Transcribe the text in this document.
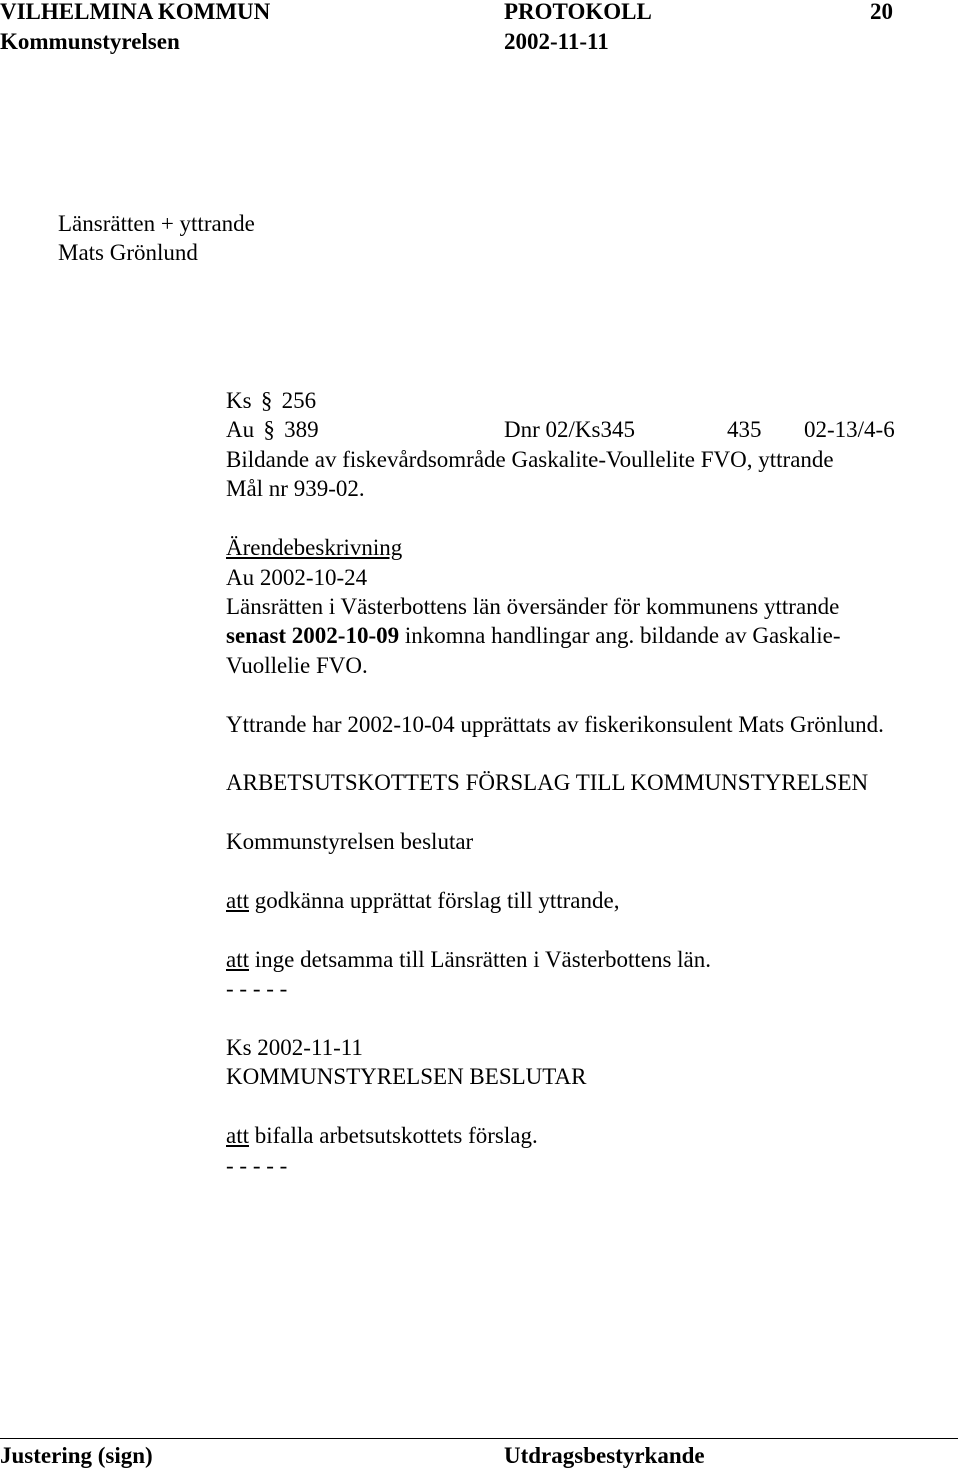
VILHELMINA KOMMUN	PROTOKOLL	20
Kommunstyrelsen	2002-11-11
Länsrätten + yttrande
Mats Grönlund
Ks § 256
Au § 389	Dnr 02/Ks345	435 02-13/4-6
Bildande av fiskevårdsområde Gaskalite-Voullelite FVO, yttrande
Mål nr 939-02.
Ärendebeskrivning
Au 2002-10-24
Länsrätten i Västerbottens län översänder för kommunens yttrande
senast 2002-10-09 inkomna handlingar ang. bildande av Gaskalie-
Vuollelie FVO.
Yttrande har 2002-10-04 upprättats av fiskerikonsulent Mats Grönlund.
ARBETSUTSKOTTETS FÖRSLAG TILL KOMMUNSTYRELSEN
Kommunstyrelsen beslutar
att godkänna upprättat förslag till yttrande,
att inge detsamma till Länsrätten i Västerbottens län.
- - - - -
Ks 2002-11-11
KOMMUNSTYRELSEN BESLUTAR
att bifalla arbetsutskottets förslag.
- - - - -
Justering (sign)	Utdragsbestyrkande
